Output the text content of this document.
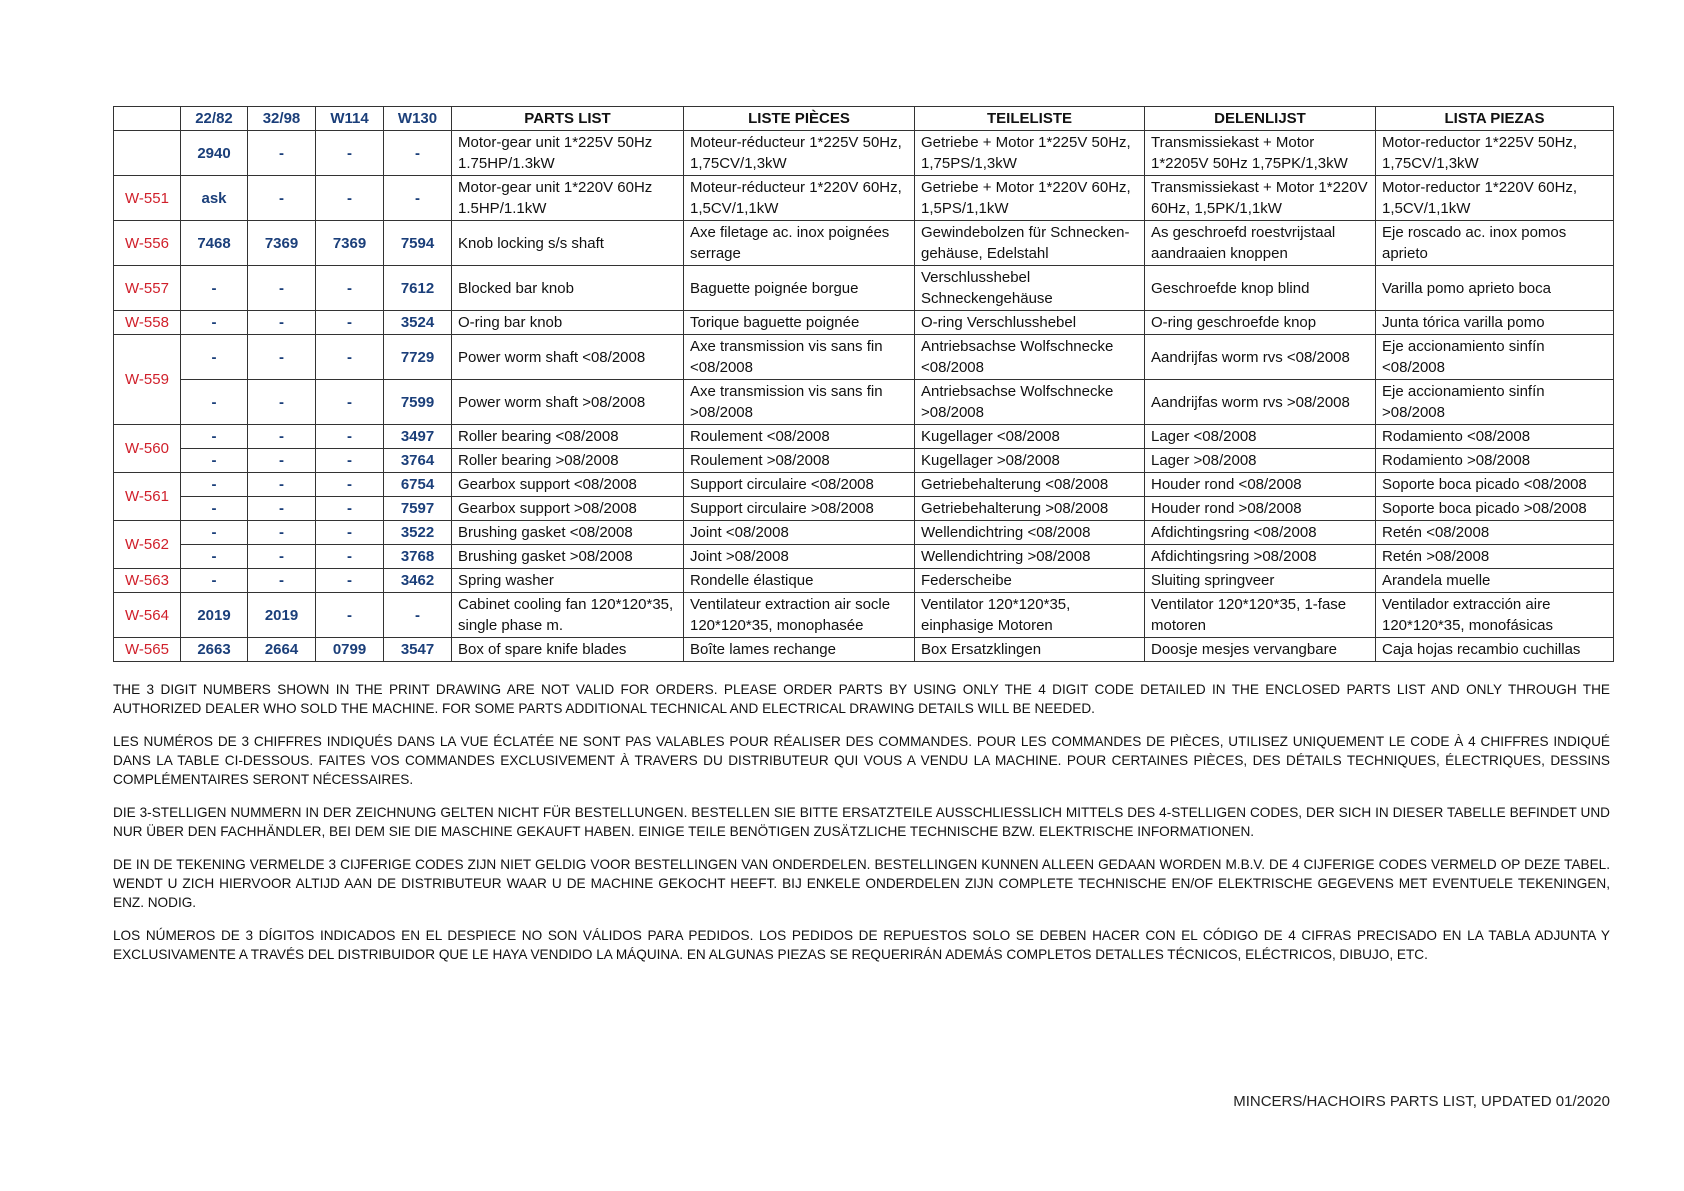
	22/82	32/98	W114	W130	PARTS LIST	LISTE PIÈCES	TEILELISTE	DELENLIJST	LISTA PIEZAS
	2940	-	-	-	Motor-gear unit 1*225V 50Hz 1.75HP/1.3kW	Moteur-réducteur 1*225V 50Hz, 1,75CV/1,3kW	Getriebe + Motor 1*225V 50Hz, 1,75PS/1,3kW	Transmissiekast + Motor 1*2205V 50Hz 1,75PK/1,3kW	Motor-reductor 1*225V 50Hz, 1,75CV/1,3kW
W-551	ask	-	-	-	Motor-gear unit 1*220V 60Hz 1.5HP/1.1kW	Moteur-réducteur 1*220V 60Hz, 1,5CV/1,1kW	Getriebe + Motor 1*220V 60Hz, 1,5PS/1,1kW	Transmissiekast + Motor 1*220V 60Hz, 1,5PK/1,1kW	Motor-reductor 1*220V 60Hz, 1,5CV/1,1kW
W-556	7468	7369	7369	7594	Knob locking s/s shaft	Axe filetage ac. inox poignées serrage	Gewindebolzen für Schnecken-gehäuse, Edelstahl	As geschroefd roestvrijstaal aandraaien knoppen	Eje roscado ac. inox pomos aprieto
W-557	-	-	-	7612	Blocked bar knob	Baguette poignée borgue	Verschlusshebel Schneckengehäuse	Geschroefde knop blind	Varilla pomo aprieto boca
W-558	-	-	-	3524	O-ring bar knob	Torique baguette poignée	O-ring Verschlusshebel	O-ring geschroefde knop	Junta tórica varilla pomo
W-559	-	-	-	7729	Power worm shaft <08/2008	Axe transmission vis sans fin <08/2008	Antriebsachse Wolfschnecke <08/2008	Aandrijfas worm rvs <08/2008	Eje accionamiento sinfín <08/2008
	-	-	-	7599	Power worm shaft >08/2008	Axe transmission vis sans fin >08/2008	Antriebsachse Wolfschnecke >08/2008	Aandrijfas worm rvs >08/2008	Eje accionamiento sinfín >08/2008
W-560	-	-	-	3497	Roller bearing <08/2008	Roulement <08/2008	Kugellager <08/2008	Lager <08/2008	Rodamiento <08/2008
	-	-	-	3764	Roller bearing >08/2008	Roulement >08/2008	Kugellager >08/2008	Lager >08/2008	Rodamiento >08/2008
W-561	-	-	-	6754	Gearbox support <08/2008	Support circulaire <08/2008	Getriebehalterung <08/2008	Houder rond <08/2008	Soporte boca picado <08/2008
	-	-	-	7597	Gearbox support >08/2008	Support circulaire >08/2008	Getriebehalterung >08/2008	Houder rond >08/2008	Soporte boca picado >08/2008
W-562	-	-	-	3522	Brushing gasket <08/2008	Joint <08/2008	Wellendichtring <08/2008	Afdichtingsring <08/2008	Retén <08/2008
	-	-	-	3768	Brushing gasket >08/2008	Joint >08/2008	Wellendichtring >08/2008	Afdichtingsring >08/2008	Retén >08/2008
W-563	-	-	-	3462	Spring washer	Rondelle élastique	Federscheibe	Sluiting springveer	Arandela muelle
W-564	2019	2019	-	-	Cabinet cooling fan 120*120*35, single phase m.	Ventilateur extraction air socle 120*120*35, monophasée	Ventilator 120*120*35, einphasige Motoren	Ventilator 120*120*35, 1-fase motoren	Ventilador extracción aire 120*120*35, monofásicas
W-565	2663	2664	0799	3547	Box of spare knife blades	Boîte lames rechange	Box Ersatzklingen	Doosje mesjes vervangbare	Caja hojas recambio cuchillas

THE 3 DIGIT NUMBERS SHOWN IN THE PRINT DRAWING ARE NOT VALID FOR ORDERS. PLEASE ORDER PARTS BY USING ONLY THE 4 DIGIT CODE DETAILED IN THE ENCLOSED PARTS LIST AND ONLY THROUGH THE AUTHORIZED DEALER WHO SOLD THE MACHINE. FOR SOME PARTS ADDITIONAL TECHNICAL AND ELECTRICAL DRAWING DETAILS WILL BE NEEDED.

LES NUMÉROS DE 3 CHIFFRES INDIQUÉS DANS LA VUE ÉCLATÉE NE SONT PAS VALABLES POUR RÉALISER DES COMMANDES. POUR LES COMMANDES DE PIÈCES, UTILISEZ UNIQUEMENT LE CODE À 4 CHIFFRES INDIQUÉ DANS LA TABLE CI-DESSOUS. FAITES VOS COMMANDES EXCLUSIVEMENT À TRAVERS DU DISTRIBUTEUR QUI VOUS A VENDU LA MACHINE. POUR CERTAINES PIÈCES, DES DÉTAILS TECHNIQUES, ÉLECTRIQUES, DESSINS COMPLÉMENTAIRES SERONT NÉCESSAIRES.

DIE 3-STELLIGEN NUMMERN IN DER ZEICHNUNG GELTEN NICHT FÜR BESTELLUNGEN. BESTELLEN SIE BITTE ERSATZTEILE AUSSCHLIESSLICH MITTELS DES 4-STELLIGEN CODES, DER SICH IN DIESER TABELLE BEFINDET UND NUR ÜBER DEN FACHHÄNDLER, BEI DEM SIE DIE MASCHINE GEKAUFT HABEN. EINIGE TEILE BENÖTIGEN ZUSÄTZLICHE TECHNISCHE BZW. ELEKTRISCHE INFORMATIONEN.

DE IN DE TEKENING VERMELDE 3 CIJFERIGE CODES ZIJN NIET GELDIG VOOR BESTELLINGEN VAN ONDERDELEN. BESTELLINGEN KUNNEN ALLEEN GEDAAN WORDEN M.B.V. DE 4 CIJFERIGE CODES VERMELD OP DEZE TABEL. WENDT U ZICH HIERVOOR ALTIJD AAN DE DISTRIBUTEUR WAAR U DE MACHINE GEKOCHT HEEFT. BIJ ENKELE ONDERDELEN ZIJN COMPLETE TECHNISCHE EN/OF ELEKTRISCHE GEGEVENS MET EVENTUELE TEKENINGEN, ENZ. NODIG.

LOS NÚMEROS DE 3 DÍGITOS INDICADOS EN EL DESPIECE NO SON VÁLIDOS PARA PEDIDOS. LOS PEDIDOS DE REPUESTOS SOLO SE DEBEN HACER CON EL CÓDIGO DE 4 CIFRAS PRECISADO EN LA TABLA ADJUNTA Y EXCLUSIVAMENTE A TRAVÉS DEL DISTRIBUIDOR QUE LE HAYA VENDIDO LA MÁQUINA. EN ALGUNAS PIEZAS SE REQUERIRÁN ADEMÁS COMPLETOS DETALLES TÉCNICOS, ELÉCTRICOS, DIBUJO, ETC.

MINCERS/HACHOIRS PARTS LIST, UPDATED 01/2020
